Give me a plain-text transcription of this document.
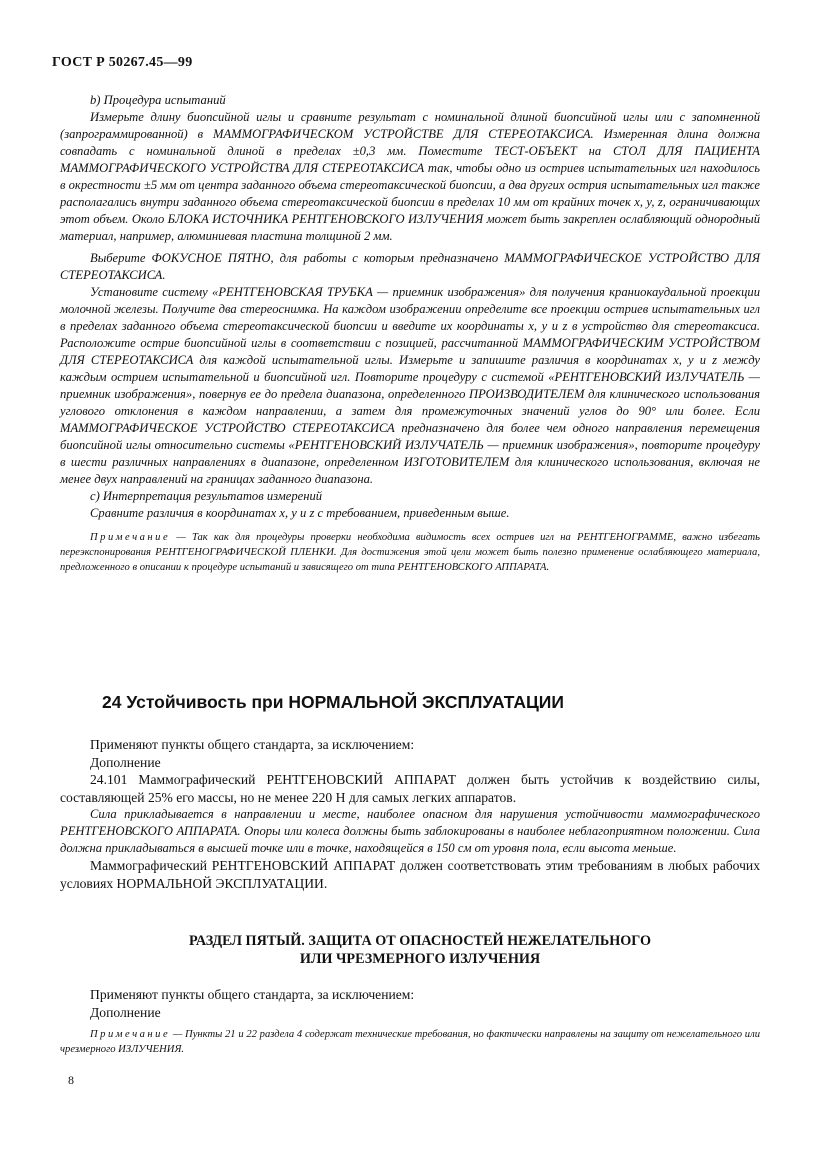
ГОСТ Р 50267.45—99

b) Процедура испытаний

Измерьте длину биопсийной иглы и сравните результат с номинальной длиной биопсийной иглы или с запомненной (запрограммированной) в МАММОГРАФИЧЕСКОМ УСТРОЙСТВЕ ДЛЯ СТЕРЕОТАКСИСА. Измеренная длина должна совпадать с номинальной длиной в пределах ±0,3 мм. Поместите ТЕСТ-ОБЪЕКТ на СТОЛ ДЛЯ ПАЦИЕНТА МАММОГРАФИЧЕСКОГО УСТРОЙСТВА ДЛЯ СТЕРЕОТАКСИСА так, чтобы одно из остриев испытательных игл находилось в окрестности ±5 мм от центра заданного объема стереотаксической биопсии, а два других острия испытательных игл также располагались внутри заданного объема стереотаксической биопсии в пределах 10 мм от крайних точек x, y, z, ограничивающих этот объем. Около БЛОКА ИСТОЧНИКА РЕНТГЕНОВСКОГО ИЗЛУЧЕНИЯ может быть закреплен ослабляющий однородный материал, например, алюминиевая пластина толщиной 2 мм.

Выберите ФОКУСНОЕ ПЯТНО, для работы с которым предназначено МАММОГРАФИЧЕСКОЕ УСТРОЙСТВО ДЛЯ СТЕРЕОТАКСИСА.

Установите систему «РЕНТГЕНОВСКАЯ ТРУБКА — приемник изображения» для получения краниокаудальной проекции молочной железы. Получите два стереоснимка. На каждом изображении определите все проекции остриев испытательных игл в пределах заданного объема стереотаксической биопсии и введите их координаты x, y и z в устройство для стереотаксиса. Расположите острие биопсийной иглы в соответствии с позицией, рассчитанной МАММОГРАФИЧЕСКИМ УСТРОЙСТВОМ ДЛЯ СТЕРЕОТАКСИСА для каждой испытательной иглы. Измерьте и запишите различия в координатах x, y и z между каждым острием испытательной и биопсийной игл. Повторите процедуру с системой «РЕНТГЕНОВСКИЙ ИЗЛУЧАТЕЛЬ — приемник изображения», повернув ее до предела диапазона, определенного ПРОИЗВОДИТЕЛЕМ для клинического использования углового отклонения в каждом направлении, а затем для промежуточных значений углов до 90° или более. Если МАММОГРАФИЧЕСКОЕ УСТРОЙСТВО СТЕРЕОТАКСИСА предназначено для более чем одного направления перемещения биопсийной иглы относительно системы «РЕНТГЕНОВСКИЙ ИЗЛУЧАТЕЛЬ — приемник изображения», повторите процедуру в шести различных направлениях в диапазоне, определенном ИЗГОТОВИТЕЛЕМ для клинического использования, включая не менее двух направлений на границах заданного диапазона.

c) Интерпретация результатов измерений

Сравните различия в координатах x, y и z с требованием, приведенным выше.

Примечание — Так как для процедуры проверки необходима видимость всех остриев игл на РЕНТГЕНОГРАММЕ, важно избегать переэкспонирования РЕНТГЕНОГРАФИЧЕСКОЙ ПЛЕНКИ. Для достижения этой цели может быть полезно применение ослабляющего материала, предложенного в описании к процедуре испытаний и зависящего от типа РЕНТГЕНОВСКОГО АППАРАТА.

24 Устойчивость при НОРМАЛЬНОЙ ЭКСПЛУАТАЦИИ

Применяют пункты общего стандарта, за исключением:

Дополнение

24.101 Маммографический РЕНТГЕНОВСКИЙ АППАРАТ должен быть устойчив к воздействию силы, составляющей 25% его массы, но не менее 220 Н для самых легких аппаратов.

Сила прикладывается в направлении и месте, наиболее опасном для нарушения устойчивости маммографического РЕНТГЕНОВСКОГО АППАРАТА. Опоры или колеса должны быть заблокированы в наиболее неблагоприятном положении. Сила должна прикладываться в высшей точке или в точке, находящейся в 150 см от уровня пола, если высота меньше.

Маммографический РЕНТГЕНОВСКИЙ АППАРАТ должен соответствовать этим требованиям в любых рабочих условиях НОРМАЛЬНОЙ ЭКСПЛУАТАЦИИ.

РАЗДЕЛ ПЯТЫЙ. ЗАЩИТА ОТ ОПАСНОСТЕЙ НЕЖЕЛАТЕЛЬНОГО
ИЛИ ЧРЕЗМЕРНОГО ИЗЛУЧЕНИЯ

Применяют пункты общего стандарта, за исключением:

Дополнение

Примечание — Пункты 21 и 22 раздела 4 содержат технические требования, но фактически направлены на защиту от нежелательного или чрезмерного ИЗЛУЧЕНИЯ.

8
